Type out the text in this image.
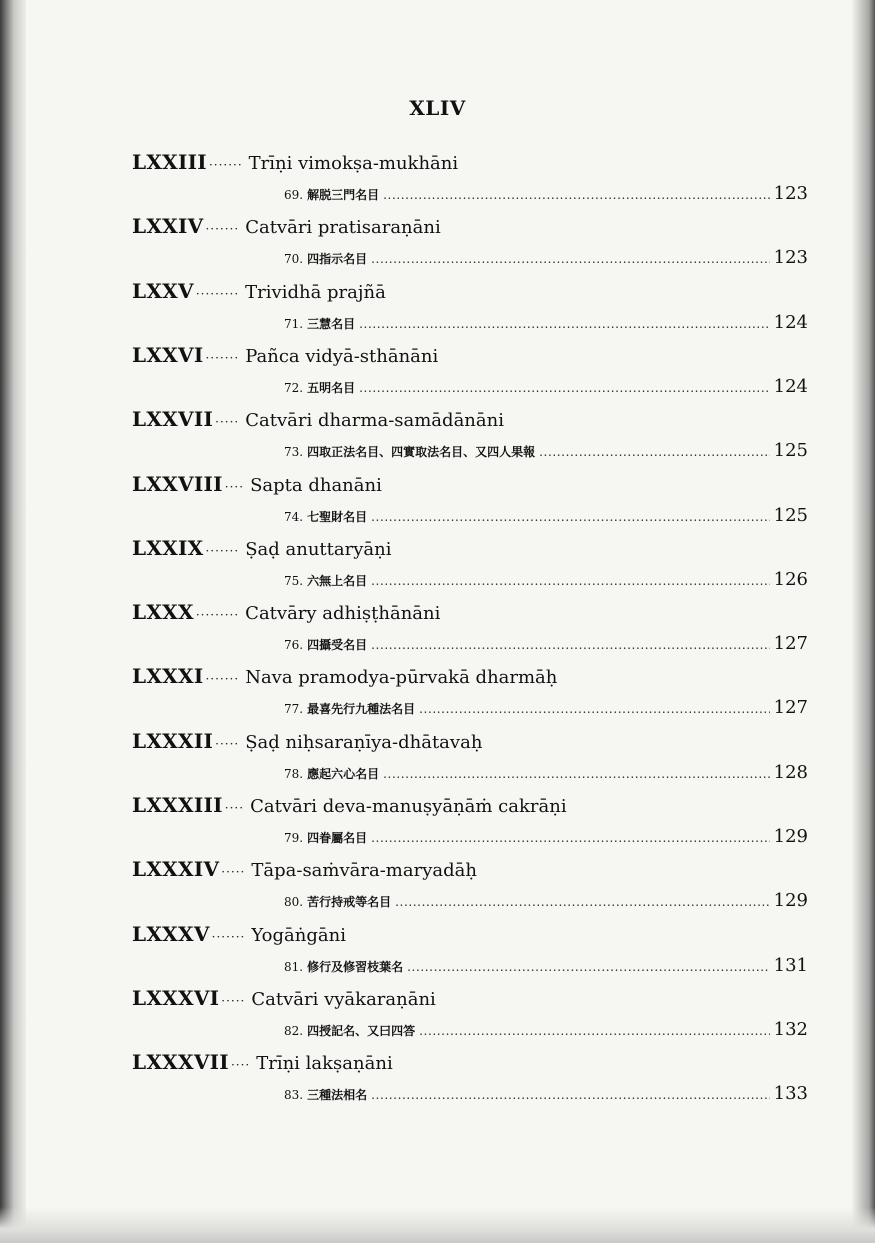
XLIV
LXXIII ······· Trīṇi vimokṣa-mukhāni
69. 解脱三門名目 .....	123
LXXIV ······· Catvāri pratisaraṇāni
70. 四指示名目 .....	123
LXXV ········· Trividhā prajñā
71. 三慧名目 .....	124
LXXVI ······· Pañca vidyā-sthānāni
72. 五明名目 .....	124
LXXVII ····· Catvāri dharma-samādānāni
73. 四取正法名目、四實取法名目、又四人果報 .....	125
LXXVIII ···· Sapta dhanāni
74. 七聖財名目 .....	125
LXXIX ······· Ṣaḍ anuttaryāṇi
75. 六無上名目 .....	126
LXXX ········· Catvāry adhiṣṭhānāni
76. 四攝受名目 .....	127
LXXXI ······· Nava pramodya-pūrvakā dharmāḥ
77. 最喜先行九種法名目 .....	127
LXXXII ····· Ṣaḍ niḥsaraṇīya-dhātavaḥ
78. 應起六心名目 .....	128
LXXXIII ···· Catvāri deva-manuṣyāṇāṁ cakrāṇi
79. 四眷屬名目 .....	129
LXXXIV ····· Tāpa-saṁvāra-maryadāḥ
80. 苦行持戒等名目 .....	129
LXXXV ······· Yogāṅgāni
81. 修行及修習枝葉名 .....	131
LXXXVI ····· Catvāri vyākaraṇāni
82. 四授記名、又曰四答 .....	132
LXXXVII ···· Trīṇi lakṣaṇāni
83. 三種法相名 .....	133
